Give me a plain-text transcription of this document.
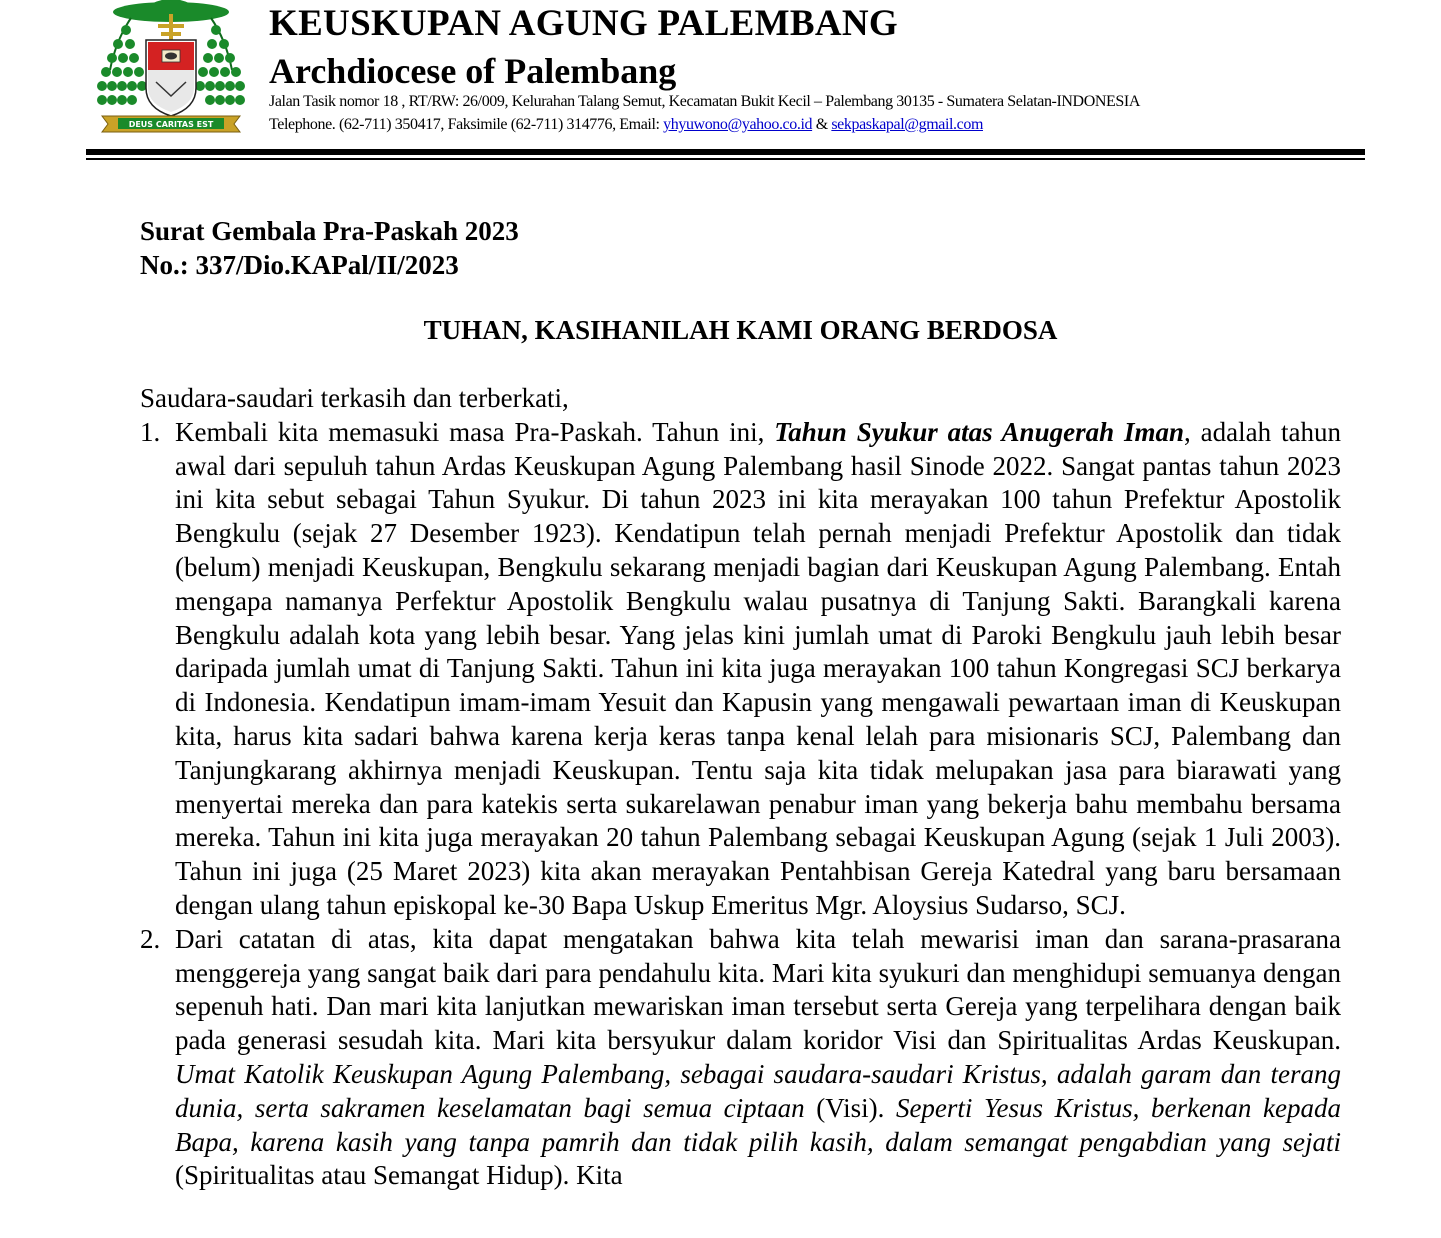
DEUS CARITAS EST
KEUSKUPAN AGUNG PALEMBANG
Archdiocese of Palembang
Jalan Tasik nomor 18 , RT/RW: 26/009, Kelurahan Talang Semut, Kecamatan Bukit Kecil – Palembang 30135 - Sumatera Selatan-INDONESIA
Telephone. (62-711) 350417, Faksimile (62-711) 314776, Email: yhyuwono@yahoo.co.id & sekpaskapal@gmail.com
Surat Gembala Pra-Paskah 2023
No.: 337/Dio.KAPal/II/2023
TUHAN, KASIHANILAH KAMI ORANG BERDOSA

Saudara-saudari terkasih dan terberkati,

1. Kembali kita memasuki masa Pra-Paskah. Tahun ini, Tahun Syukur atas Anugerah Iman, adalah tahun awal dari sepuluh tahun Ardas Keuskupan Agung Palembang hasil Sinode 2022. Sangat pantas tahun 2023 ini kita sebut sebagai Tahun Syukur. Di tahun 2023 ini kita merayakan 100 tahun Prefektur Apostolik Bengkulu (sejak 27 Desember 1923). Kendatipun telah pernah menjadi Prefektur Apostolik dan tidak (belum) menjadi Keuskupan, Bengkulu sekarang menjadi bagian dari Keuskupan Agung Palembang. Entah mengapa namanya Perfektur Apostolik Bengkulu walau pusatnya di Tanjung Sakti. Barangkali karena Bengkulu adalah kota yang lebih besar. Yang jelas kini jumlah umat di Paroki Bengkulu jauh lebih besar daripada jumlah umat di Tanjung Sakti. Tahun ini kita juga merayakan 100 tahun Kongregasi SCJ berkarya di Indonesia. Kendatipun imam-imam Yesuit dan Kapusin yang mengawali pewartaan iman di Keuskupan kita, harus kita sadari bahwa karena kerja keras tanpa kenal lelah para misionaris SCJ, Palembang dan Tanjungkarang akhirnya menjadi Keuskupan. Tentu saja kita tidak melupakan jasa para biarawati yang menyertai mereka dan para katekis serta sukarelawan penabur iman yang bekerja bahu membahu bersama mereka. Tahun ini kita juga merayakan 20 tahun Palembang sebagai Keuskupan Agung (sejak 1 Juli 2003). Tahun ini juga (25 Maret 2023) kita akan merayakan Pentahbisan Gereja Katedral yang baru bersamaan dengan ulang tahun episkopal ke-30 Bapa Uskup Emeritus Mgr. Aloysius Sudarso, SCJ.

2. Dari catatan di atas, kita dapat mengatakan bahwa kita telah mewarisi iman dan sarana-prasarana menggereja yang sangat baik dari para pendahulu kita. Mari kita syukuri dan menghidupi semuanya dengan sepenuh hati. Dan mari kita lanjutkan mewariskan iman tersebut serta Gereja yang terpelihara dengan baik pada generasi sesudah kita. Mari kita bersyukur dalam koridor Visi dan Spiritualitas Ardas Keuskupan. Umat Katolik Keuskupan Agung Palembang, sebagai saudara-saudari Kristus, adalah garam dan terang dunia, serta sakramen keselamatan bagi semua ciptaan (Visi). Seperti Yesus Kristus, berkenan kepada Bapa, karena kasih yang tanpa pamrih dan tidak pilih kasih, dalam semangat pengabdian yang sejati (Spiritualitas atau Semangat Hidup). Kita
